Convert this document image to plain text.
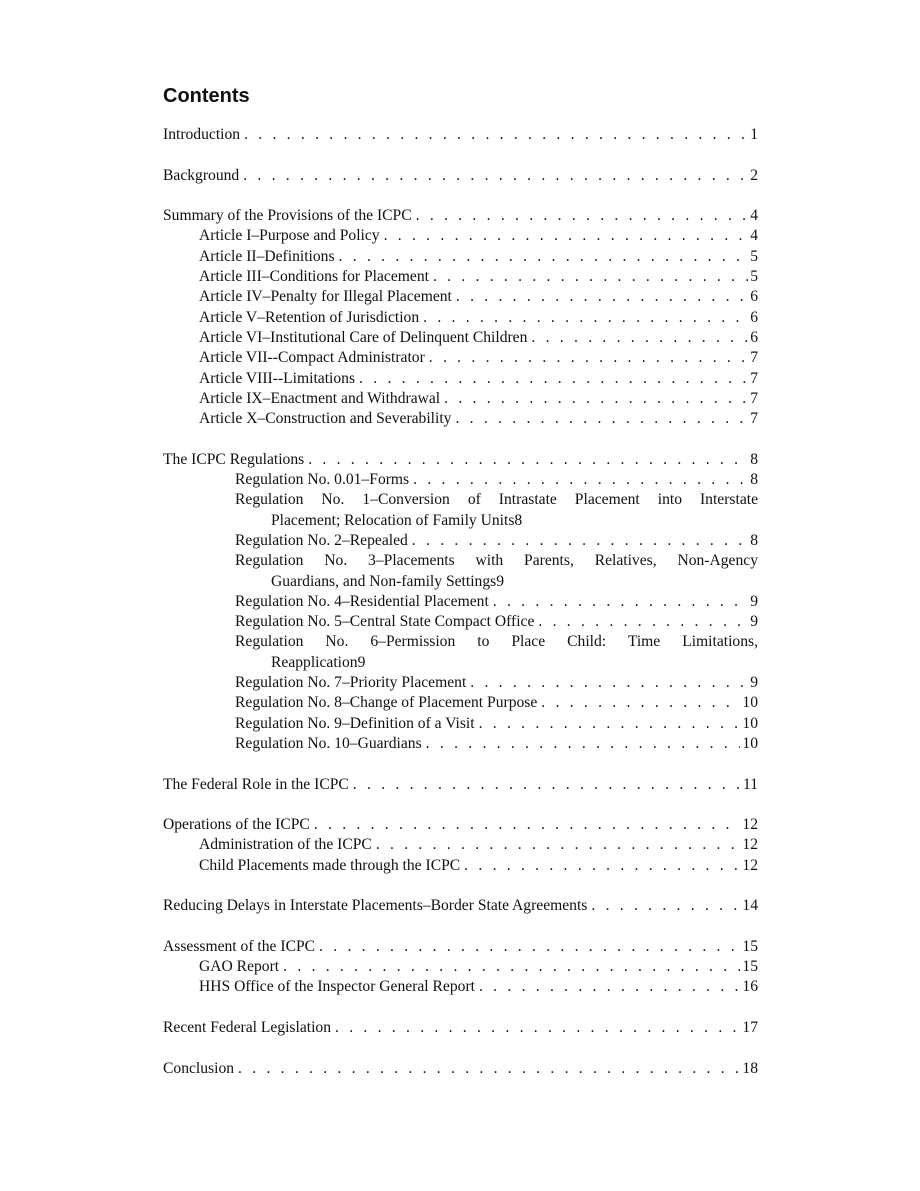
Contents
Introduction . . .	1
Background . . .	2
Summary of the Provisions of the ICPC . . .	4
Article I–Purpose and Policy . . .	4
Article II–Definitions . . .	5
Article III–Conditions for Placement . . .	5
Article IV–Penalty for Illegal Placement . . .	6
Article V–Retention of Jurisdiction . . .	6
Article VI–Institutional Care of Delinquent Children . . .	6
Article VII--Compact Administrator . . .	7
Article VIII--Limitations . . .	7
Article IX–Enactment and Withdrawal . . .	7
Article X–Construction and Severability . . .	7
The ICPC Regulations . . .	8
Regulation No. 0.01–Forms . . .	8
Regulation No. 1–Conversion of Intrastate Placement into Interstate
Placement; Relocation of Family Units 8
Regulation No. 2–Repealed . . .	8
Regulation No. 3–Placements with Parents, Relatives, Non-Agency
Guardians, and Non-family Settings 9
Regulation No. 4–Residential Placement . . .	9
Regulation No. 5–Central State Compact Office . . .	9
Regulation No. 6–Permission to Place Child: Time Limitations,
Reapplication 9
Regulation No. 7–Priority Placement . . .	9
Regulation No. 8–Change of Placement Purpose . . .	10
Regulation No. 9–Definition of a Visit . . .	10
Regulation No. 10–Guardians . . .	10
The Federal Role in the ICPC . . .	11
Operations of the ICPC . . .	12
Administration of the ICPC . . .	12
Child Placements made through the ICPC . . .	12
Reducing Delays in Interstate Placements–Border State Agreements . . .	14
Assessment of the ICPC . . .	15
GAO Report . . .	15
HHS Office of the Inspector General Report . . .	16
Recent Federal Legislation . . .	17
Conclusion . . .	18
